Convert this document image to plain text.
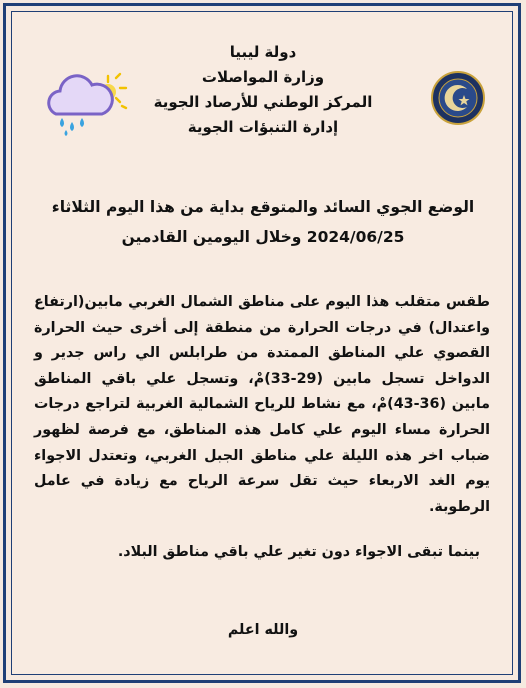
دولة ليبيا
وزارة المواصلات
المركز الوطني للأرصاد الجوية
إدارة التنبؤات الجوية
الوضع الجوي السائد والمتوقع بداية من هذا اليوم الثلاثاء
2024/06/25 وخلال اليومين القادمين
طقس متقلب هذا اليوم على مناطق الشمال الغربي مابين(ارتفاع واعتدال) في درجات الحرارة من منطقة إلى أخرى حيث الحرارة القصوي علي المناطق الممتدة من طرابلس الي راس جدير و الدواخل تسجل مابين (29-33)مْ، وتسجل علي باقي المناطق مابين (36-43)مْ، مع نشاط للرياح الشمالية الغربية لتراجع درجات الحرارة مساء اليوم علي كامل هذه المناطق، مع فرصة لظهور ضباب اخر هذه الليلة علي مناطق الجبل الغربي، وتعتدل الاجواء يوم الغد الاربعاء حيث تقل سرعة الرياح مع زيادة في عامل الرطوبة.
بينما تبقى الاجواء دون تغير علي باقي مناطق البلاد.
والله اعلم
